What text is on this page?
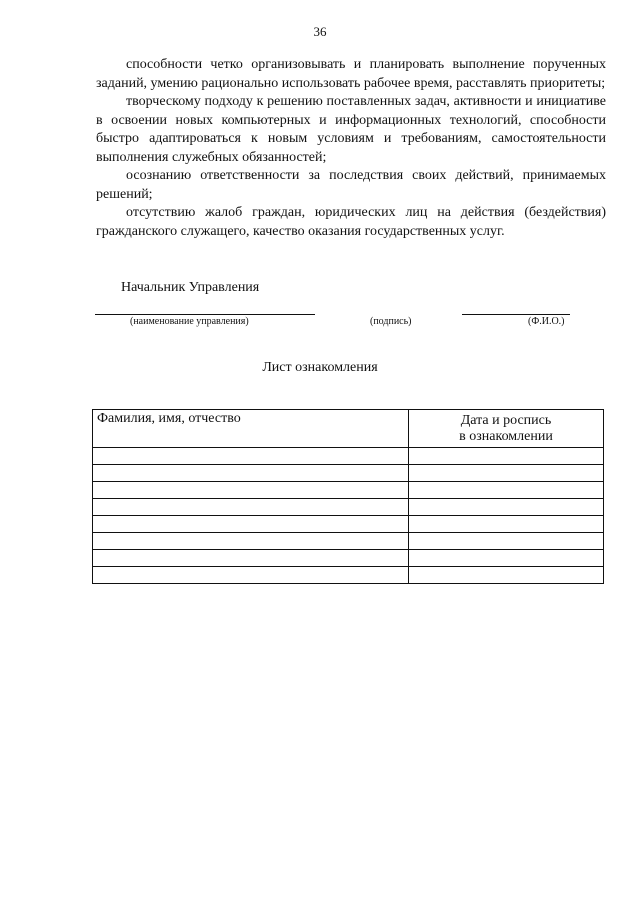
36

способности четко организовывать и планировать выполнение порученных заданий, умению рационально использовать рабочее время, расставлять приоритеты;

творческому подходу к решению поставленных задач, активности и инициативе в освоении новых компьютерных и информационных технологий, способности быстро адаптироваться к новым условиям и требованиям, самостоятельности выполнения служебных обязанностей;

осознанию ответственности за последствия своих действий, принимаемых решений;

отсутствию жалоб граждан, юридических лиц на действия (бездействия) гражданского служащего, качество оказания государственных услуг.

Начальник Управления
(наименование управления)	(подпись)	(Ф.И.О.)
Лист ознакомления
Фамилия, имя, отчество	Дата и роспись
в ознакомлении
